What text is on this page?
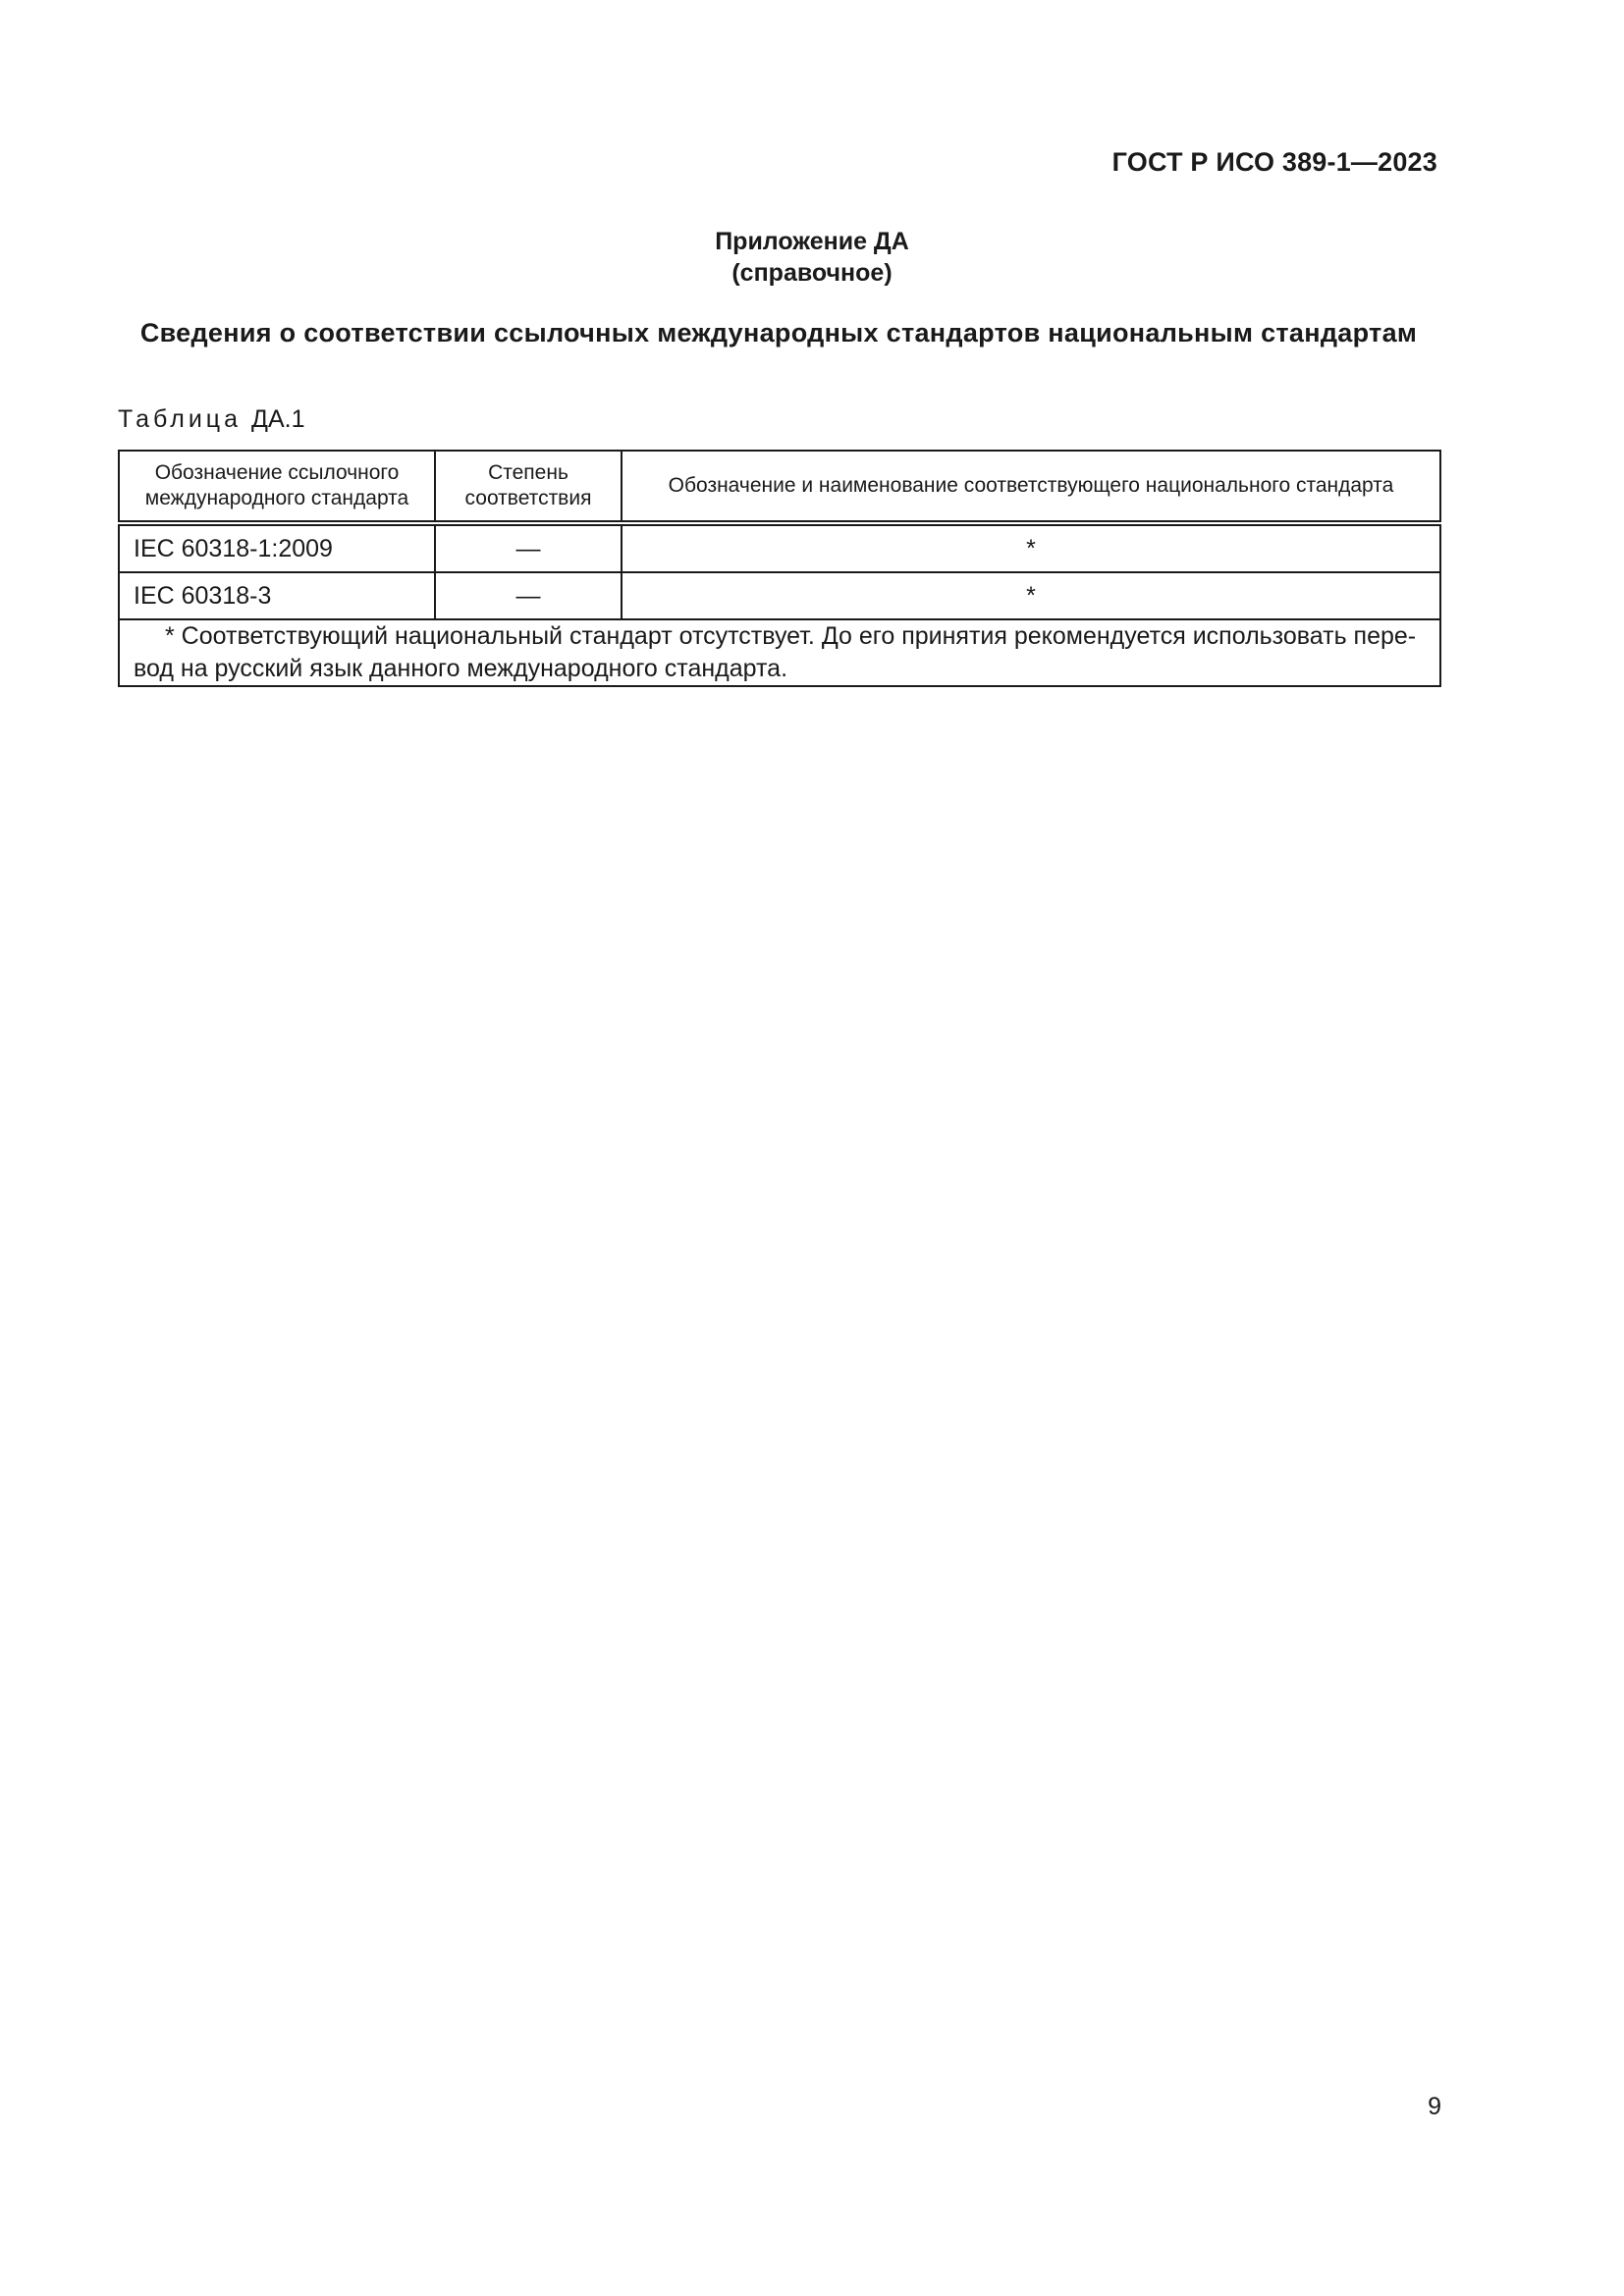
ГОСТ Р ИСО 389-1—2023
Приложение ДА
(справочное)
Сведения о соответствии ссылочных международных стандартов национальным стандартам
Таблица ДА.1
Обозначение ссылочного международного стандарта	Степень соответствия	Обозначение и наименование соответствующего национального стандарта
IEC 60318-1:2009	—	*
IEC 60318-3	—	*
* Соответствующий национальный стандарт отсутствует. До его принятия рекомендуется использовать перевод на русский язык данного международного стандарта.		
9
